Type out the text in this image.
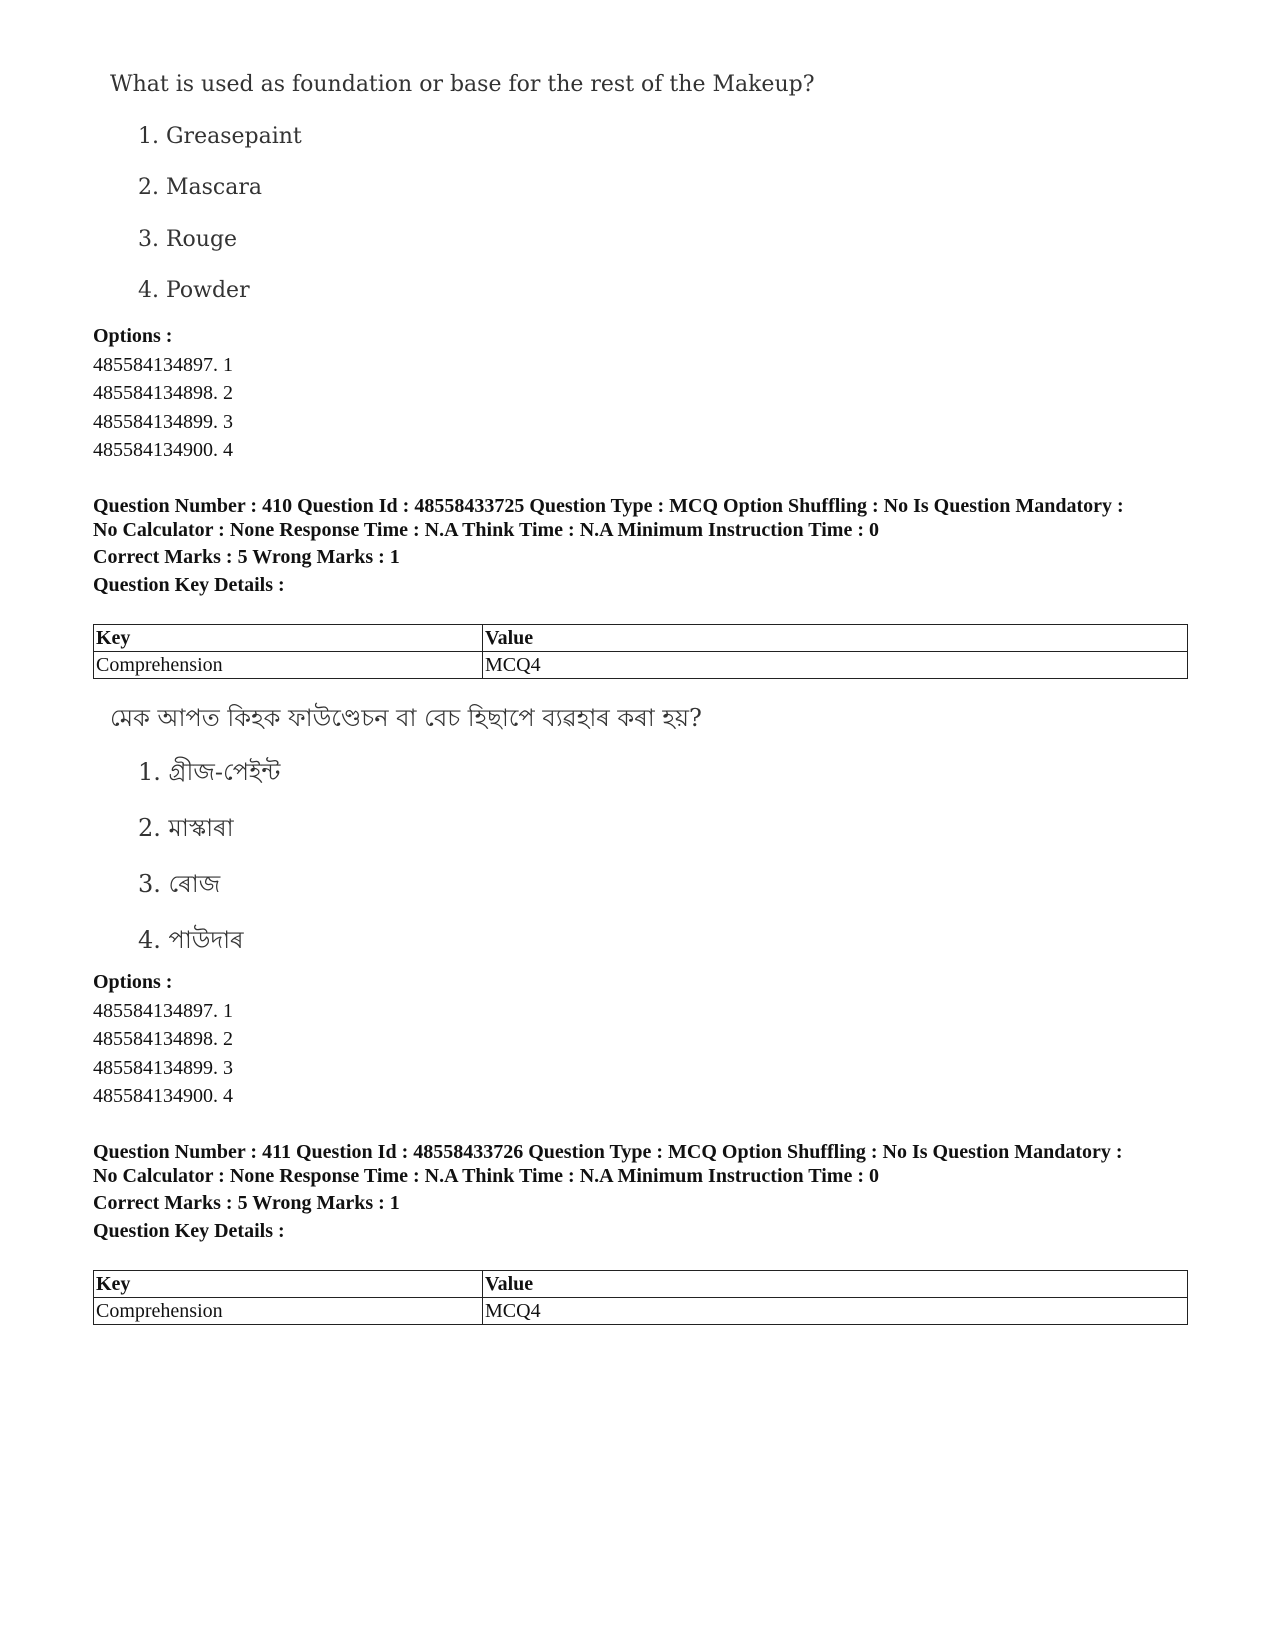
What is used as foundation or base for the rest of the Makeup?

1. Greasepaint
2. Mascara
3. Rouge
4. Powder
Options :
485584134897. 1
485584134898. 2
485584134899. 3
485584134900. 4
Question Number : 410 Question Id : 48558433725 Question Type : MCQ Option Shuffling : No Is Question Mandatory :
No Calculator : None Response Time : N.A Think Time : N.A Minimum Instruction Time : 0
Correct Marks : 5 Wrong Marks : 1
Question Key Details :
Key	Value
Comprehension	MCQ4

মেক আপত কিহক ফাউণ্ডেচন বা বেচ হিছাপে ব্যৱহাৰ কৰা হয়?

1. গ্ৰীজ-পেইন্ট
2. মাস্কাৰা
3. ৰোজ
4. পাউদাৰ
Options :
485584134897. 1
485584134898. 2
485584134899. 3
485584134900. 4
Question Number : 411 Question Id : 48558433726 Question Type : MCQ Option Shuffling : No Is Question Mandatory :
No Calculator : None Response Time : N.A Think Time : N.A Minimum Instruction Time : 0
Correct Marks : 5 Wrong Marks : 1
Question Key Details :
Key	Value
Comprehension	MCQ4
